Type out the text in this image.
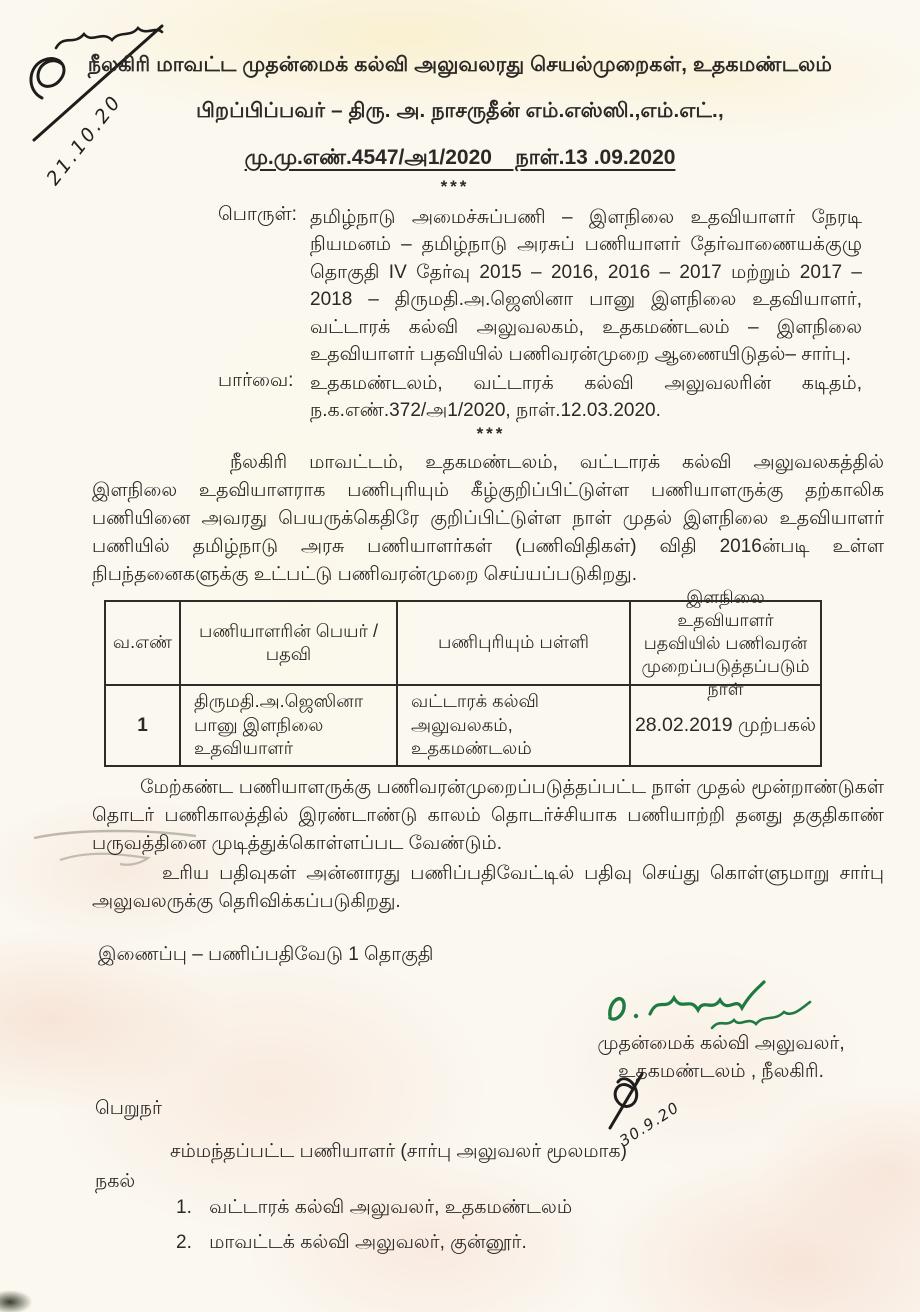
21.10.20
நீலகிரி மாவட்ட முதன்மைக் கல்வி அலுவலரது செயல்முறைகள், உதகமண்டலம்
பிறப்பிப்பவர் – திரு. அ. நாசருதீன் எம்.எஸ்ஸி.,எம்.எட்.,
மு.மு.எண்.4547/அ1/2020    நாள்.13 .09.2020
***
பொருள்: தமிழ்நாடு அமைச்சுப்பணி – இளநிலை உதவியாளர் நேரடி நியமனம் – தமிழ்நாடு அரசுப் பணியாளர் தேர்வாணையக்குழு தொகுதி IV தேர்வு 2015 – 2016, 2016 – 2017 மற்றும் 2017 – 2018 – திருமதி.அ.ஜெஸினா பானு இளநிலை உதவியாளர், வட்டாரக் கல்வி அலுவலகம், உதகமண்டலம் – இளநிலை உதவியாளர் பதவியில் பணிவரன்முறை ஆணையிடுதல்– சார்பு.
பார்வை: உதகமண்டலம், வட்டாரக் கல்வி அலுவலரின் கடிதம், ந.க.எண்.372/அ1/2020, நாள்.12.03.2020.
***
நீலகிரி மாவட்டம், உதகமண்டலம், வட்டாரக் கல்வி அலுவலகத்தில் இளநிலை உதவியாளராக பணிபுரியும் கீழ்குறிப்பிட்டுள்ள பணியாளருக்கு தற்காலிக பணியினை அவரது பெயருக்கெதிரே குறிப்பிட்டுள்ள நாள் முதல் இளநிலை உதவியாளர் பணியில் தமிழ்நாடு அரசு பணியாளர்கள் (பணிவிதிகள்) விதி 2016ன்படி உள்ள நிபந்தனைகளுக்கு உட்பட்டு பணிவரன்முறை செய்யப்படுகிறது.
வ.எண்
பணியாளரின் பெயர் / பதவி
பணிபுரியும் பள்ளி
இளநிலை உதவியாளர் பதவியில் பணிவரன் முறைப்படுத்தப்படும் நாள்
1
திருமதி.அ.ஜெஸினா பானு இளநிலை உதவியாளர்
வட்டாரக் கல்வி அலுவலகம், உதகமண்டலம்
28.02.2019 முற்பகல்
மேற்கண்ட பணியாளருக்கு பணிவரன்முறைப்படுத்தப்பட்ட நாள் முதல் மூன்றாண்டுகள் தொடர் பணிகாலத்தில் இரண்டாண்டு காலம் தொடர்ச்சியாக பணியாற்றி தனது தகுதிகாண் பருவத்தினை முடித்துக்கொள்ளப்பட வேண்டும்.
உரிய பதிவுகள் அன்னாரது பணிப்பதிவேட்டில் பதிவு செய்து கொள்ளுமாறு சார்பு அலுவலருக்கு தெரிவிக்கப்படுகிறது.
இணைப்பு – பணிப்பதிவேடு 1 தொகுதி
முதன்மைக் கல்வி அலுவலர்,
உதகமண்டலம் , நீலகிரி.
30.9.20
பெறுநர்
சம்மந்தப்பட்ட பணியாளர் (சார்பு அலுவலர் மூலமாக)
நகல்
1. வட்டாரக் கல்வி அலுவலர், உதகமண்டலம்
2. மாவட்டக் கல்வி அலுவலர், குன்னூர்.
